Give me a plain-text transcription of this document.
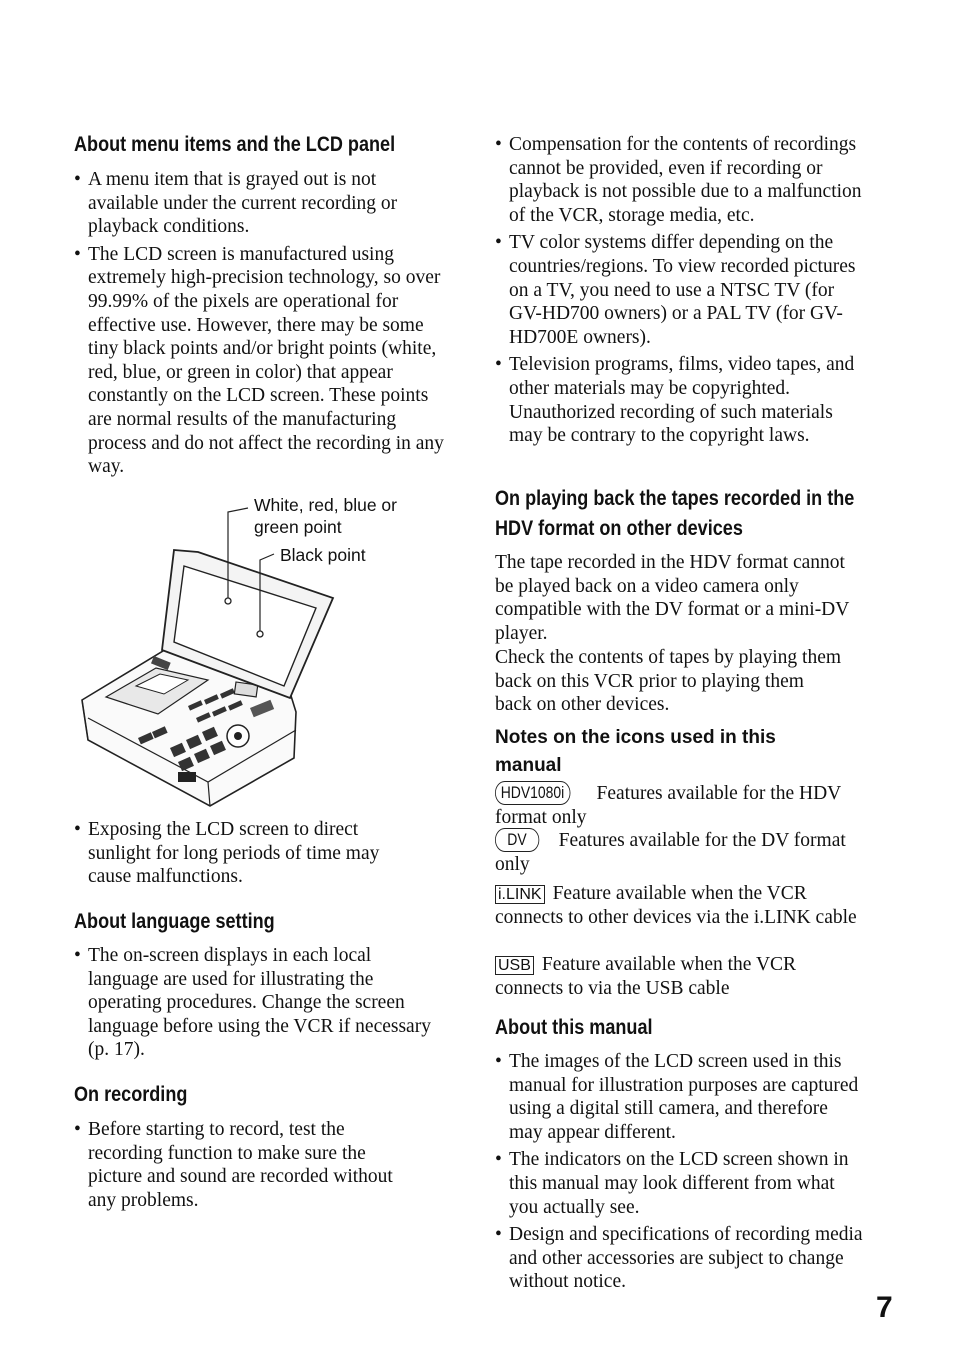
About menu items and the LCD panel
• A menu item that is grayed out is not available under the current recording or playback conditions.
• The LCD screen is manufactured using extremely high-precision technology, so over 99.99% of the pixels are operational for effective use. However, there may be some tiny black points and/or bright points (white, red, blue, or green in color) that appear constantly on the LCD screen. These points are normal results of the manufacturing process and do not affect the recording in any way.
White, red, blue or green point
Black point
• Exposing the LCD screen to direct sunlight for long periods of time may cause malfunctions.
About language setting
• The on-screen displays in each local language are used for illustrating the operating procedures. Change the screen language before using the VCR if necessary (p. 17).
On recording
• Before starting to record, test the recording function to make sure the picture and sound are recorded without any problems.
• Compensation for the contents of recordings cannot be provided, even if recording or playback is not possible due to a malfunction of the VCR, storage media, etc.
• TV color systems differ depending on the countries/regions. To view recorded pictures on a TV, you need to use a NTSC TV (for GV-HD700 owners) or a PAL TV (for GV-HD700E owners).
• Television programs, films, video tapes, and other materials may be copyrighted. Unauthorized recording of such materials may be contrary to the copyright laws.
On playing back the tapes recorded in the HDV format on other devices

The tape recorded in the HDV format cannot be played back on a video camera only compatible with the DV format or a mini-DV player.

Check the contents of tapes by playing them back on this VCR prior to playing them back on other devices.

Notes on the icons used in this manual

HDV1080i Features available for the HDV format only

DV Features available for the DV format only

i.LINK Feature available when the VCR connects to other devices via the i.LINK cable

USB Feature available when the VCR connects to via the USB cable

About this manual
• The images of the LCD screen used in this manual for illustration purposes are captured using a digital still camera, and therefore may appear different.
• The indicators on the LCD screen shown in this manual may look different from what you actually see.
• Design and specifications of recording media and other accessories are subject to change without notice.
7
